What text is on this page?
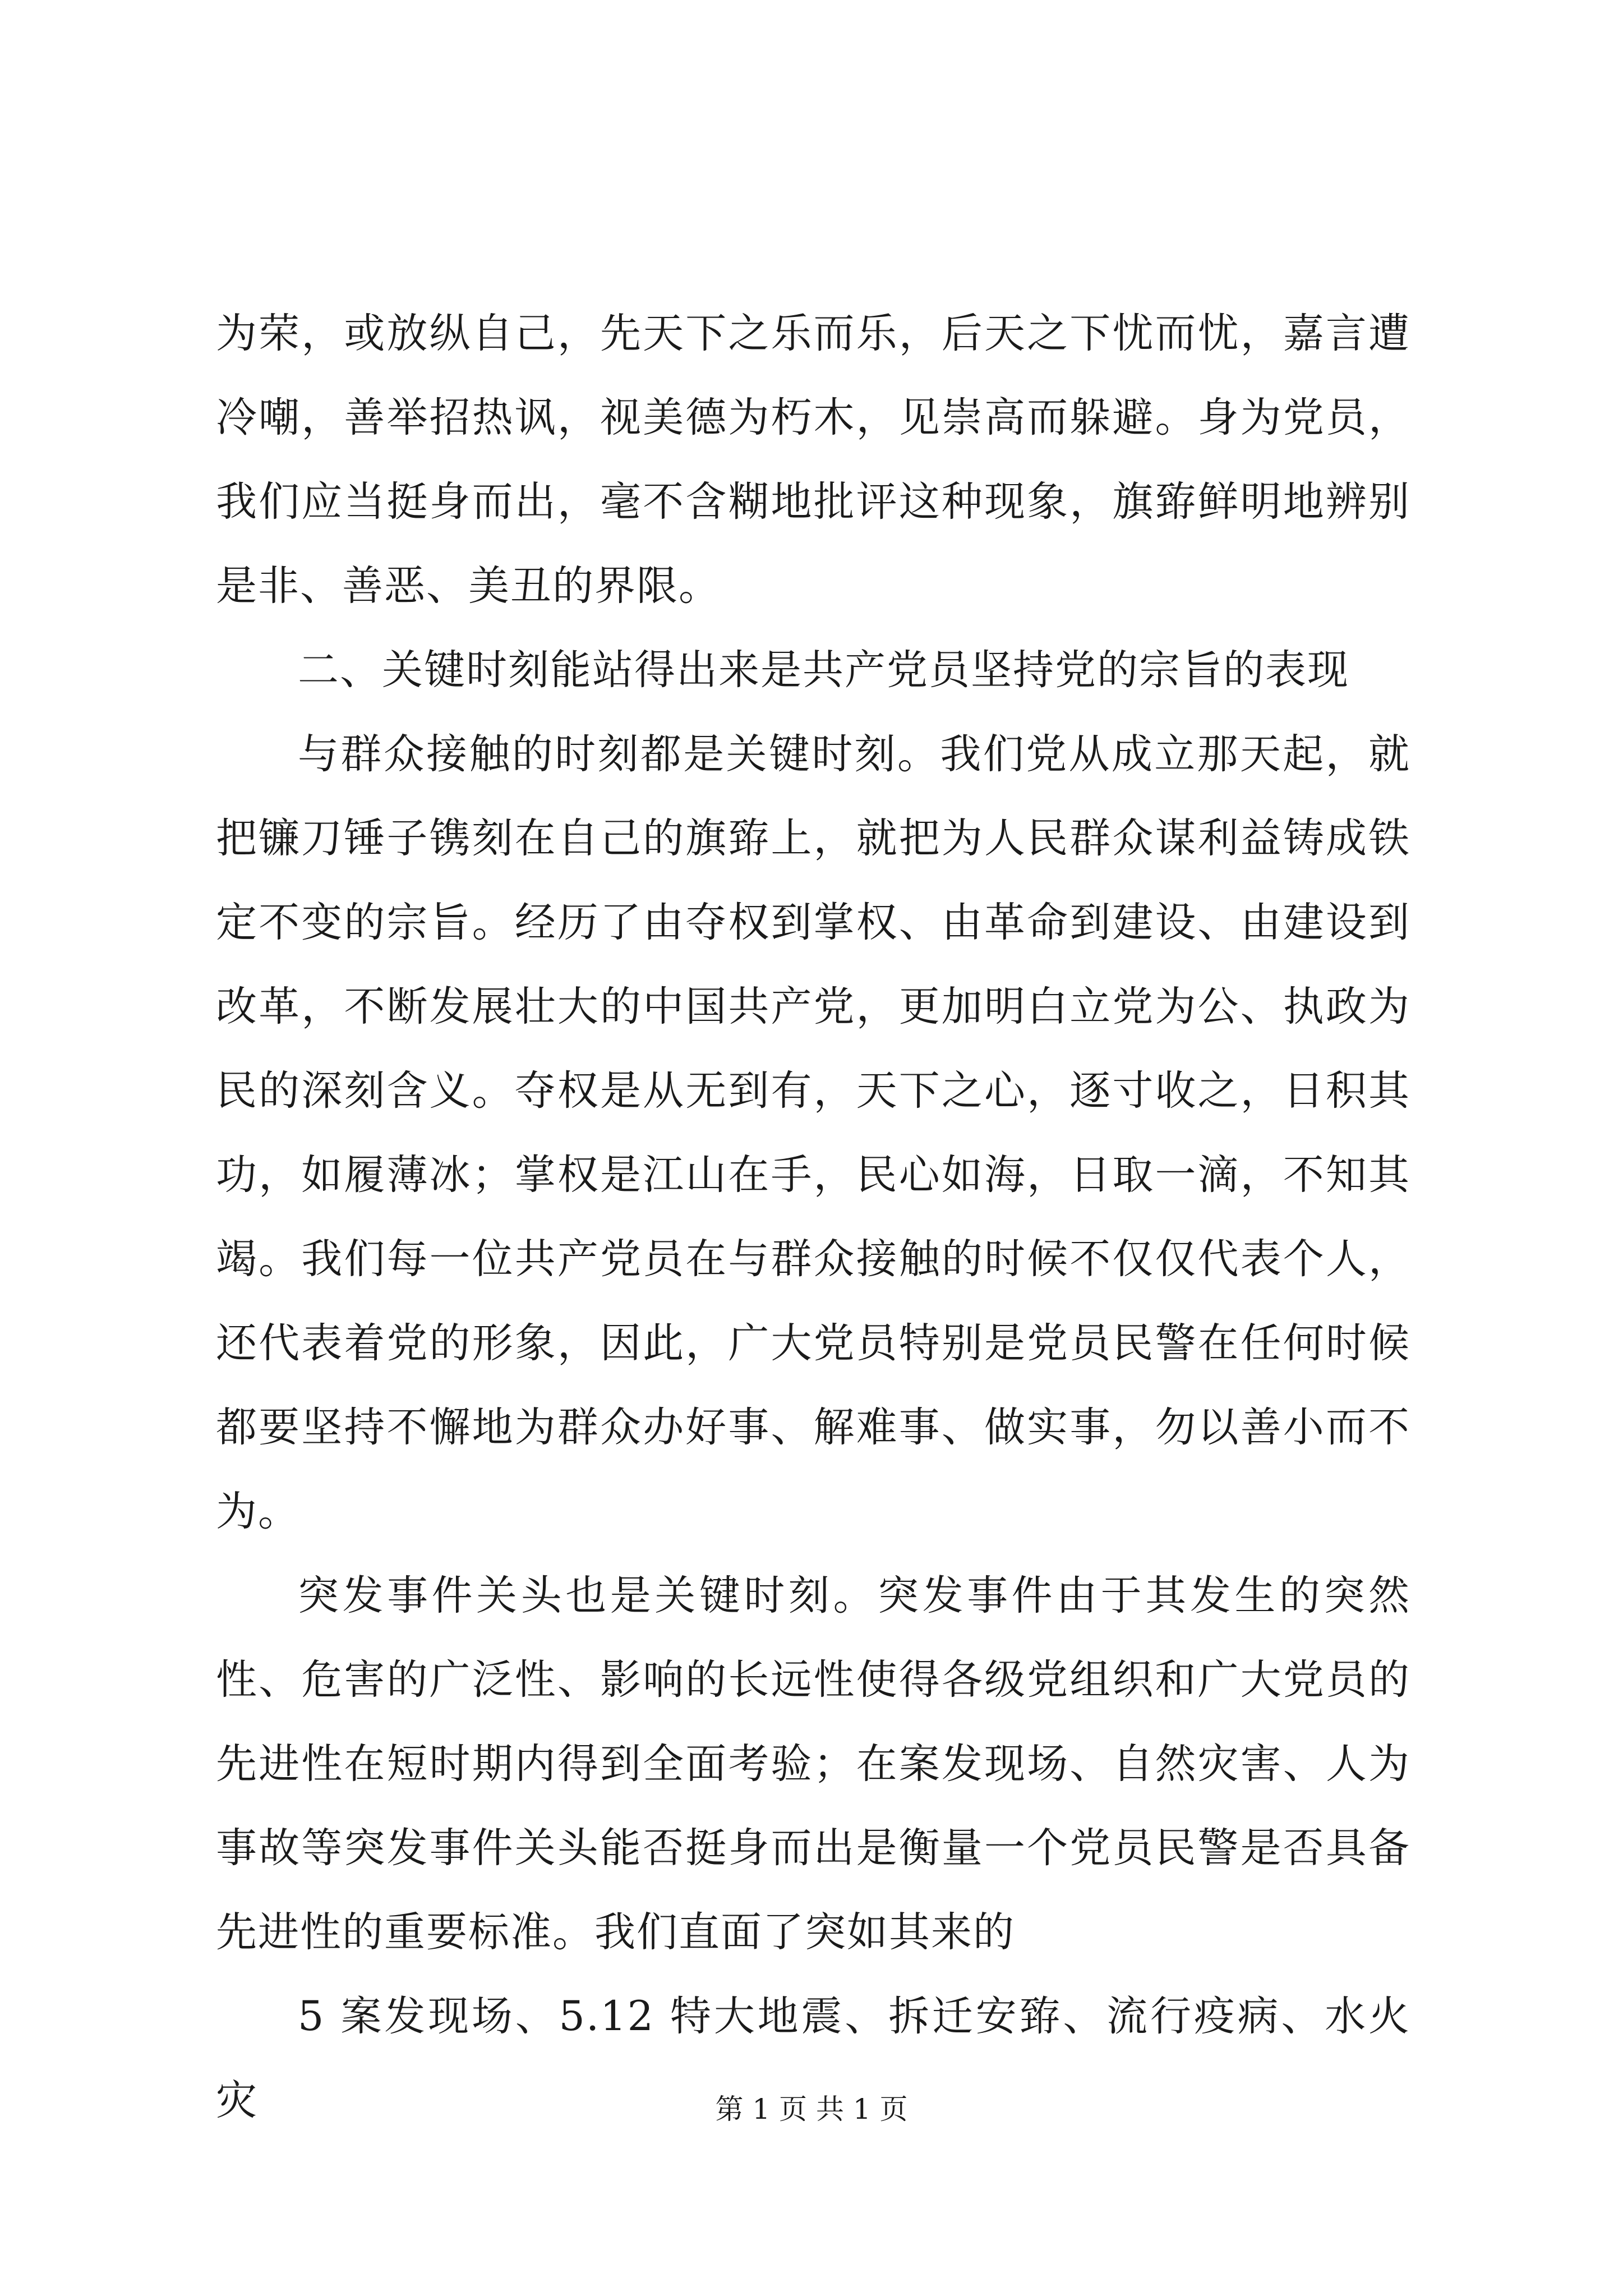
为荣，或放纵自己，先天下之乐而乐，后天之下忧而忧，嘉言遭冷嘲，善举招热讽，视美德为朽木，见崇高而躲避。身为党员，我们应当挺身而出，毫不含糊地批评这种现象，旗臶鲜明地辨别是非、善恶、美丑的界限。

二、关键时刻能站得出来是共产党员坚持党的宗旨的表现

与群众接触的时刻都是关键时刻。我们党从成立那天起，就把镰刀锤子镌刻在自己的旗臶上，就把为人民群众谋利益铸成铁定不变的宗旨。经历了由夺权到掌权、由革命到建设、由建设到改革，不断发展壮大的中国共产党，更加明白立党为公、执政为民的深刻含义。夺权是从无到有，天下之心，逐寸收之，日积其功，如履薄冰；掌权是江山在手，民心如海，日取一滴，不知其竭。我们每一位共产党员在与群众接触的时候不仅仅代表个人，还代表着党的形象，因此，广大党员特别是党员民警在任何时候都要坚持不懈地为群众办好事、解难事、做实事，勿以善小而不为。

突发事件关头也是关键时刻。突发事件由于其发生的突然性、危害的广泛性、影响的长远性使得各级党组织和广大党员的先进性在短时期内得到全面考验；在案发现场、自然灾害、人为事故等突发事件关头能否挺身而出是衡量一个党员民警是否具备先进性的重要标准。我们直面了突如其来的

5 案发现场、5.12 特大地震、拆迁安臶、流行疫病、水火灾	第 1 页 共 1 页
